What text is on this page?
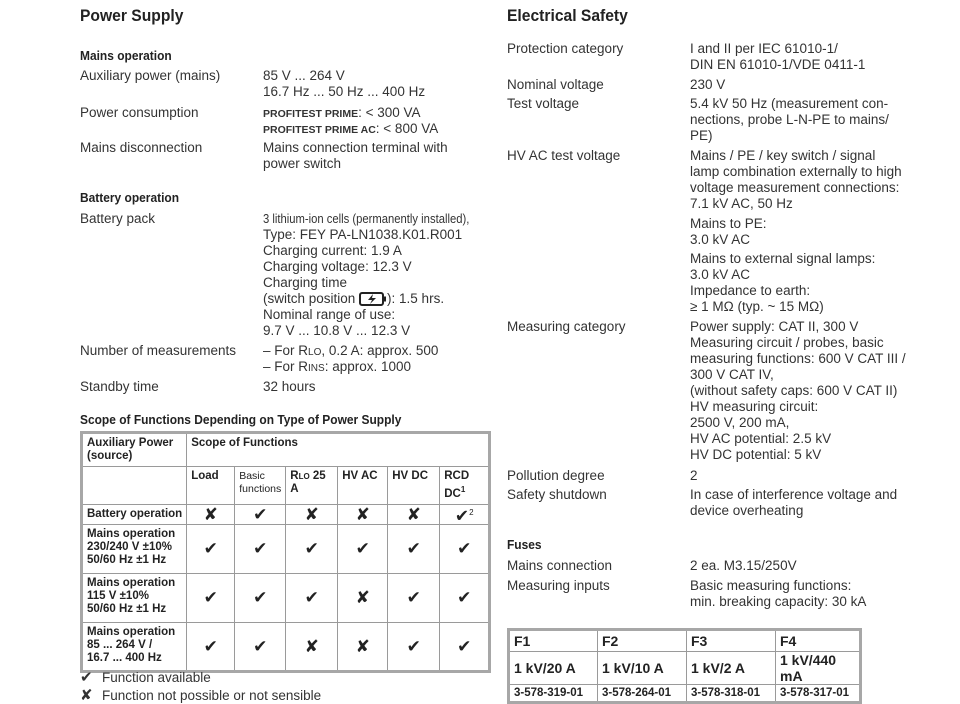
Power Supply
Mains operation
Auxiliary power (mains)	85 V ... 264 V
16.7 Hz ... 50 Hz ... 400 Hz
Power consumption	PROFITEST PRIME: < 300 VA
PROFITEST PRIME AC: < 800 VA
Mains disconnection	Mains connection terminal with
power switch
Battery operation
Battery pack	3 lithium-ion cells (permanently installed),
Type: FEY PA-LN1038.K01.R001
Charging current: 1.9 A
Charging voltage: 12.3 V
Charging time
(switch position ): 1.5 hrs.
Nominal range of use:
9.7 V ... 10.8 V ... 12.3 V
Number of measurements – For RLO, 0.2 A: approx. 500
– For RINS: approx. 1000
Standby time	32 hours
Scope of Functions Depending on Type of Power Supply
Auxiliary Power
(source)	Scope of Functions					
	Load	Basic
functions	RLO 25 A	HV AC	HV DC	RCD $DC^1$
Battery operation	✘	✔	✘	✘	✘	✔$^2$
Mains operation
230/240 V ±10%
50/60 Hz ±1 Hz	✔	✔	✔	✔	✔	✔
Mains operation
115 V ±10%
50/60 Hz ±1 Hz	✔	✔	✔	✘	✔	✔
Mains operation
85 ... 264 V /
16.7 ... 400 Hz	✔	✔	✘	✘	✔	✔
✔ Function available
✘ Function not possible or not sensible
Electrical Safety
Protection category	I and II per IEC 61010-1/
DIN EN 61010-1/VDE 0411-1
Nominal voltage	230 V
Test voltage	5.4 kV 50 Hz (measurement con-
nections, probe L-N-PE to mains/
PE)
HV AC test voltage	Mains / PE / key switch / signal
lamp combination externally to high
voltage measurement connections:
7.1 kV AC, 50 Hz
Mains to PE:
3.0 kV AC
Mains to external signal lamps:
3.0 kV AC
Impedance to earth:
≥ 1 MΩ (typ. ~ 15 MΩ)
Measuring category	Power supply: CAT II, 300 V
Measuring circuit / probes, basic
measuring functions: 600 V CAT III /
300 V CAT IV,
(without safety caps: 600 V CAT II)
HV measuring circuit:
2500 V, 200 mA,
HV AC potential: 2.5 kV
HV DC potential: 5 kV
Pollution degree	2
Safety shutdown	In case of interference voltage and
device overheating
Fuses
Mains connection	2 ea. M3.15/250V
Measuring inputs	Basic measuring functions:
min. breaking capacity: 30 kA
F1	F2	F3	F4
1 kV/20 A	1 kV/10 A	1 kV/2 A	1 kV/440 mA
3-578-319-01	3-578-264-01	3-578-318-01	3-578-317-01
